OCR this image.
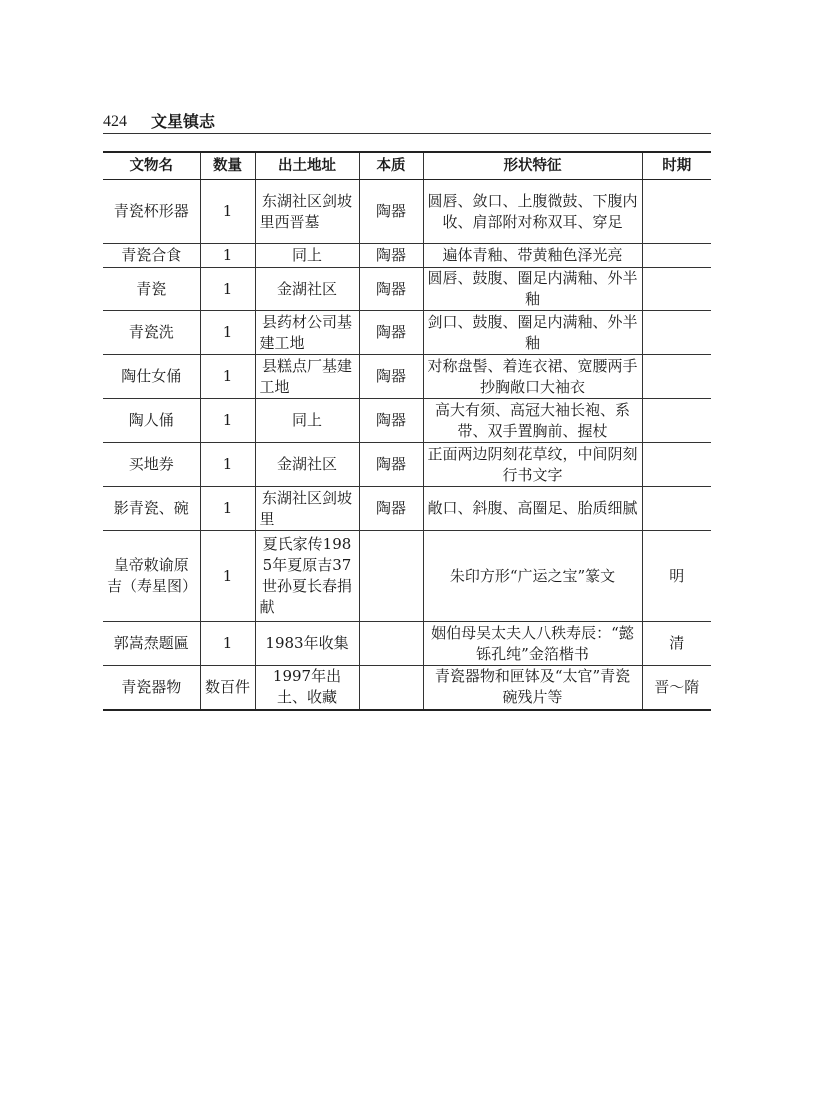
424 文星镇志
文物名	数量	出土地址	本质	形状特征	时期
青瓷杯形器	1	东湖社区剑坡里西晋墓	陶器	圆唇、敛口、上腹微鼓、下腹内收、肩部附对称双耳、穿足	
青瓷合食	1	同上	陶器	遍体青釉、带黄釉色泽光亮	
青瓷	1	金湖社区	陶器	圆唇、鼓腹、圈足内满釉、外半釉	
青瓷洗	1	县药材公司基建工地	陶器	剑口、鼓腹、圈足内满釉、外半釉	
陶仕女俑	1	县糕点厂基建工地	陶器	对称盘髻、着连衣裙、宽腰两手抄胸敞口大袖衣	
陶人俑	1	同上	陶器	高大有须、高冠大袖长袍、系带、双手置胸前、握杖	
买地券	1	金湖社区	陶器	正面两边阴刻花草纹，中间阴刻行书文字	
影青瓷、碗	1	东湖社区剑坡里	陶器	敞口、斜腹、高圈足、胎质细腻	
皇帝敕谕原吉（寿星图）	1	夏氏家传1985年夏原吉37世孙夏长春捐献		朱印方形“广运之宝”篆文	明
郭嵩焘题匾	1	1983年收集		姻伯母吴太夫人八秩寿辰：“懿铄孔纯”金箔楷书	清
青瓷器物	数百件	1997年出土、收藏		青瓷器物和匣钵及“太官”青瓷碗残片等	晋～隋
